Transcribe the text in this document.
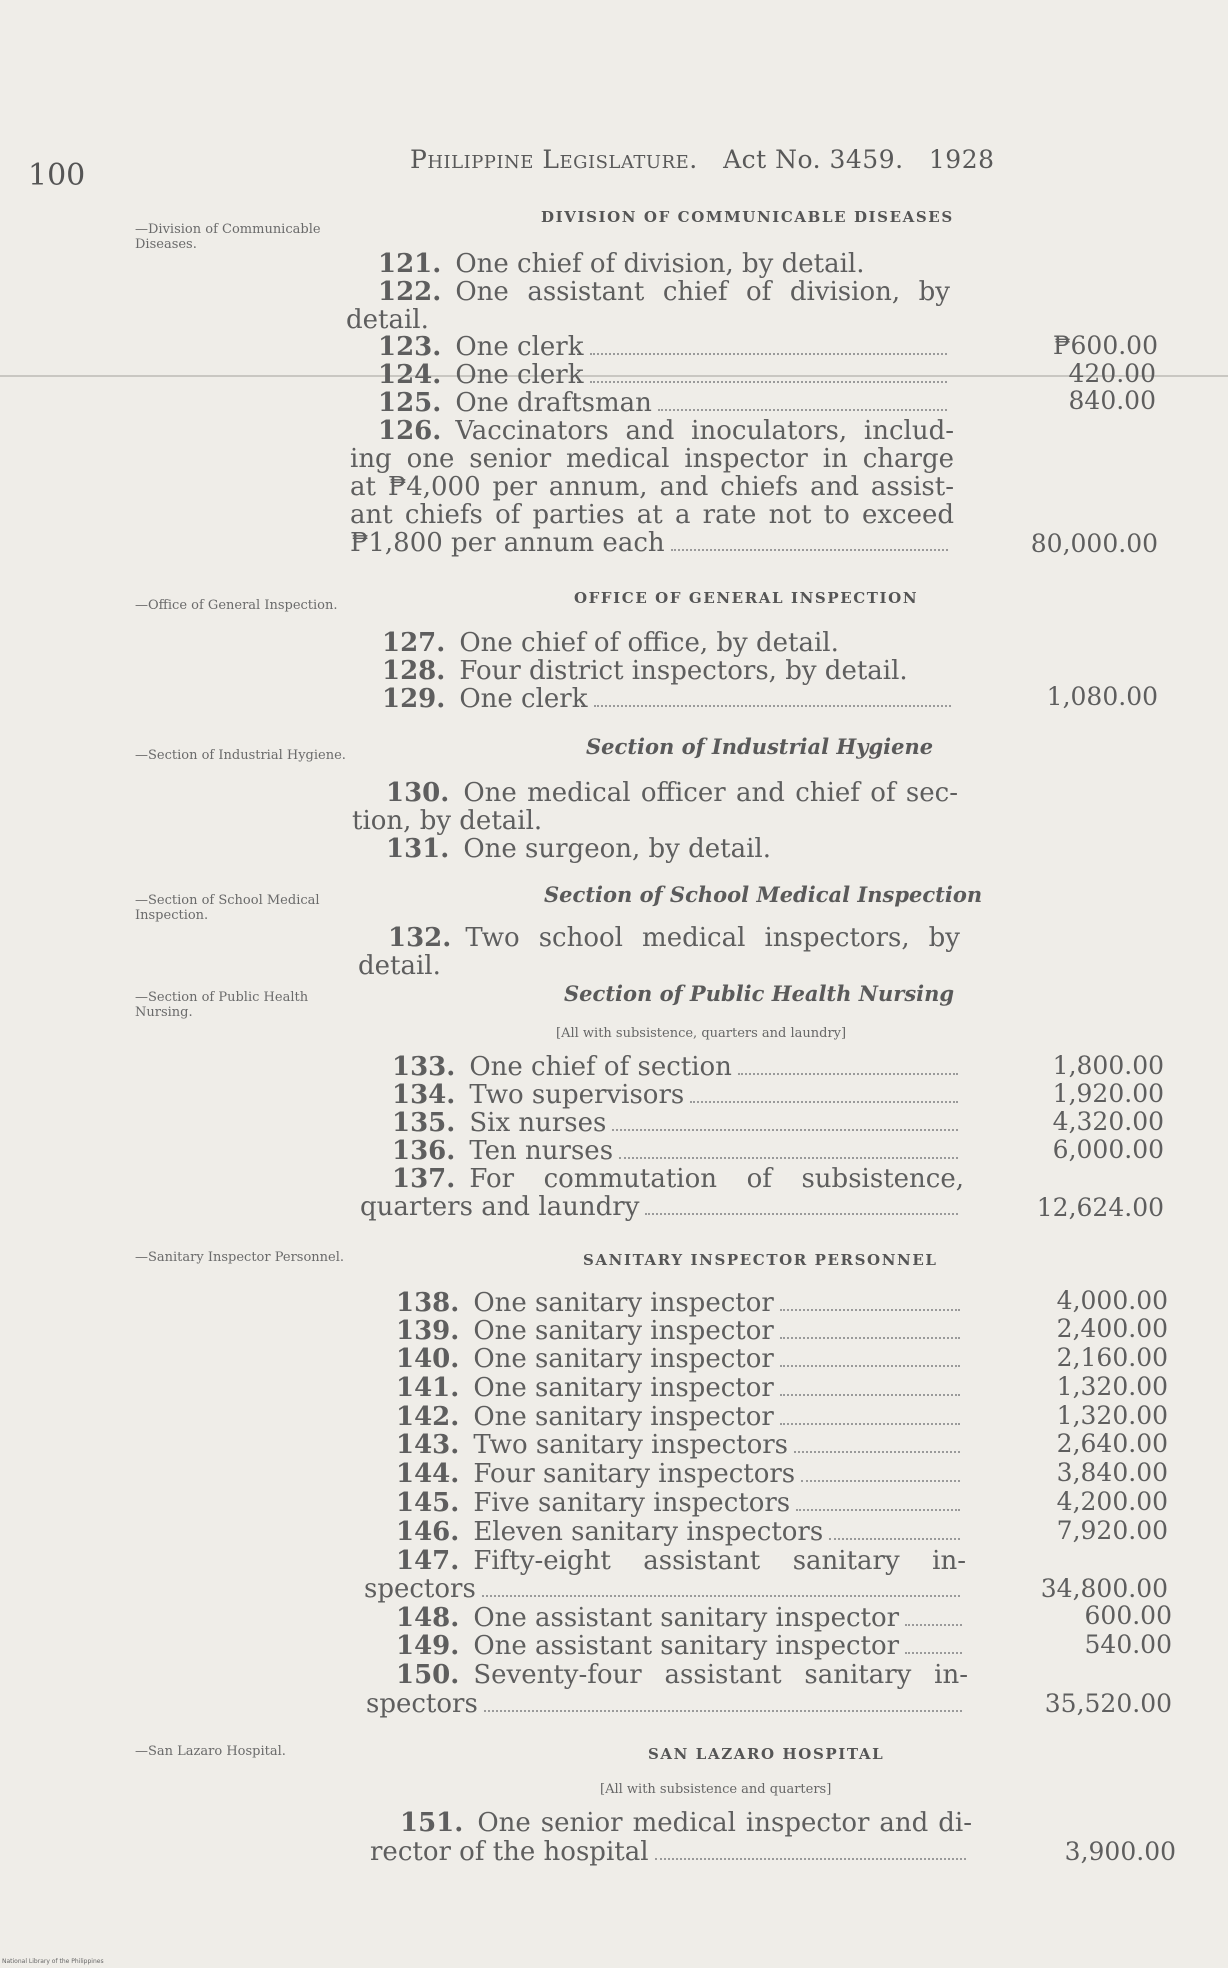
100	Philippine Legislature. Act No. 3459. 1928
—Division of Communicable Diseases.
DIVISION OF COMMUNICABLE DISEASES
121. One chief of division, by detail.
122. One assistant chief of division, by
detail.
123. One clerk	₱600.00
124. One clerk	420.00
125. One draftsman	840.00
126. Vaccinators and inoculators, includ-
ing one senior medical inspector in charge
at ₱4,000 per annum, and chiefs and assist-
ant chiefs of parties at a rate not to exceed
₱1,800 per annum each	80,000.00
—Office of General Inspection.	OFFICE OF GENERAL INSPECTION
127. One chief of office, by detail.
128. Four district inspectors, by detail.
129. One clerk	1,080.00
—Section of Industrial Hygiene.	Section of Industrial Hygiene
130. One medical officer and chief of sec-
tion, by detail.
131. One surgeon, by detail.
—Section of School Medical Inspection.
Section of School Medical Inspection
132. Two school medical inspectors, by
detail.
—Section of Public Health Nursing.
Section of Public Health Nursing
[All with subsistence, quarters and laundry]
133. One chief of section	1,800.00
134. Two supervisors	1,920.00
135. Six nurses	4,320.00
136. Ten nurses	6,000.00
137. For commutation of subsistence,
quarters and laundry	12,624.00
—Sanitary Inspector Personnel.	SANITARY INSPECTOR PERSONNEL
138. One sanitary inspector	4,000.00
139. One sanitary inspector	2,400.00
140. One sanitary inspector	2,160.00
141. One sanitary inspector	1,320.00
142. One sanitary inspector	1,320.00
143. Two sanitary inspectors	2,640.00
144. Four sanitary inspectors	3,840.00
145. Five sanitary inspectors	4,200.00
146. Eleven sanitary inspectors	7,920.00
147. Fifty-eight assistant sanitary in-
spectors	34,800.00
148. One assistant sanitary inspector	600.00
149. One assistant sanitary inspector	540.00
150. Seventy-four assistant sanitary in-
spectors	35,520.00
—San Lazaro Hospital.	SAN LAZARO HOSPITAL
[All with subsistence and quarters]
151. One senior medical inspector and di-
rector of the hospital	3,900.00
National Library of the Philippines
